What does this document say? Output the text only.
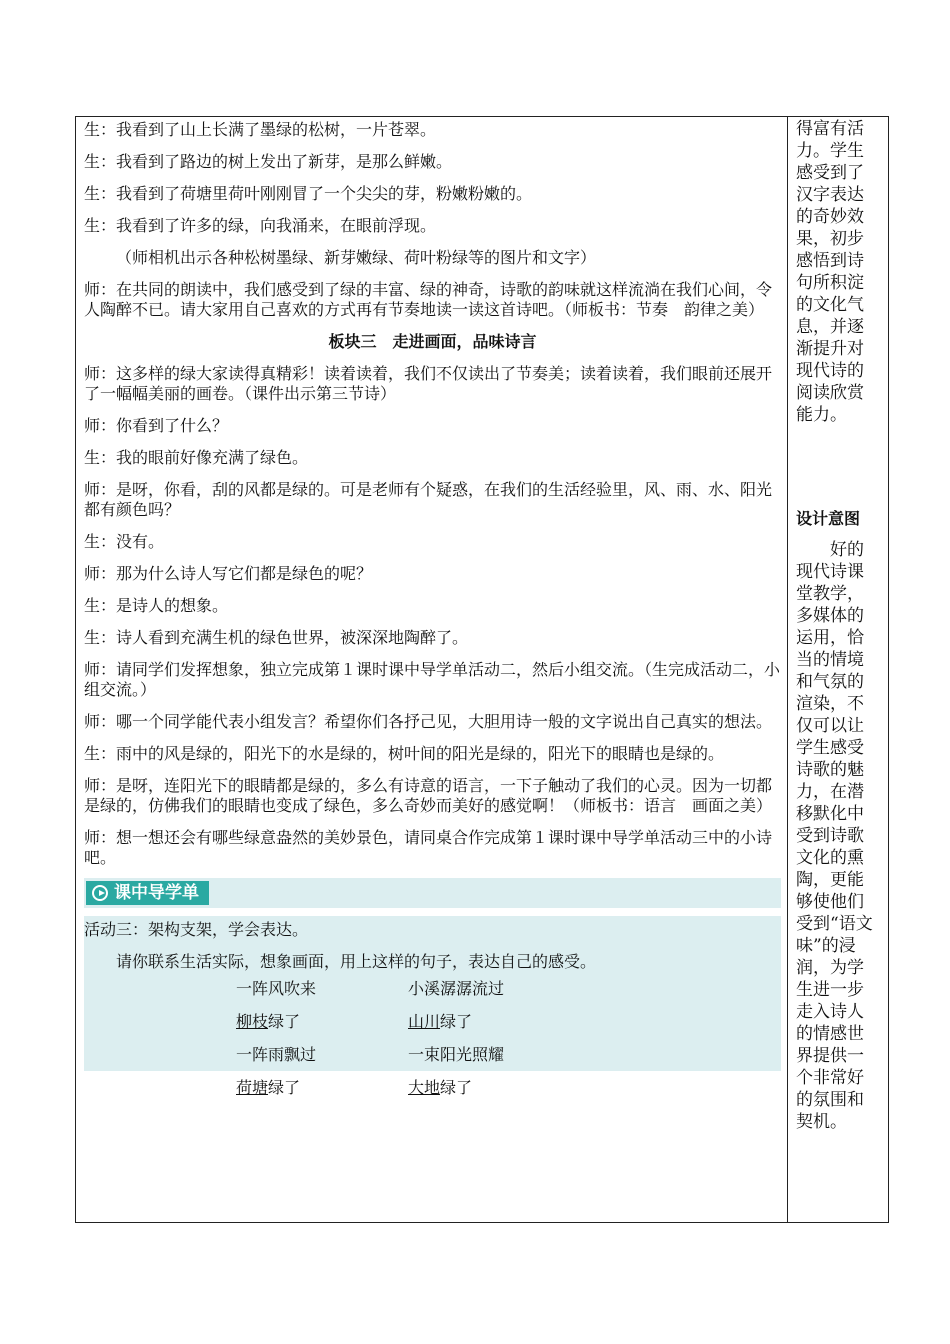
生：我看到了山上长满了墨绿的松树，一片苍翠。

生：我看到了路边的树上发出了新芽，是那么鲜嫩。

生：我看到了荷塘里荷叶刚刚冒了一个尖尖的芽，粉嫩粉嫩的。

生：我看到了许多的绿，向我涌来，在眼前浮现。

（师相机出示各种松树墨绿、新芽嫩绿、荷叶粉绿等的图片和文字）

师：在共同的朗读中，我们感受到了绿的丰富、绿的神奇，诗歌的韵味就这样流淌在我们心间，令人陶醉不已。请大家用自己喜欢的方式再有节奏地读一读这首诗吧。（师板书：节奏　韵律之美）

板块三　走进画面，品味诗言

师：这多样的绿大家读得真精彩！读着读着，我们不仅读出了节奏美；读着读着，我们眼前还展开了一幅幅美丽的画卷。（课件出示第三节诗）

师：你看到了什么？

生：我的眼前好像充满了绿色。

师：是呀，你看，刮的风都是绿的。可是老师有个疑惑，在我们的生活经验里，风、雨、水、阳光都有颜色吗？

生：没有。

师：那为什么诗人写它们都是绿色的呢？

生：是诗人的想象。

生：诗人看到充满生机的绿色世界，被深深地陶醉了。

师：请同学们发挥想象，独立完成第１课时课中导学单活动二，然后小组交流。（生完成活动二，小组交流。）

师：哪一个同学能代表小组发言？希望你们各抒己见，大胆用诗一般的文字说出自己真实的想法。

生：雨中的风是绿的，阳光下的水是绿的，树叶间的阳光是绿的，阳光下的眼睛也是绿的。

师：是呀，连阳光下的眼睛都是绿的，多么有诗意的语言，一下子触动了我们的心灵。因为一切都是绿的，仿佛我们的眼睛也变成了绿色，多么奇妙而美好的感觉啊！（师板书：语言　画面之美）

师：想一想还会有哪些绿意盎然的美妙景色，请同桌合作完成第１课时课中导学单活动三中的小诗吧。

课中导学单

活动三：架构支架，学会表达。

请你联系生活实际，想象画面，用上这样的句子，表达自己的感受。

一阵风吹来	小溪潺潺流过
柳枝绿了	山川绿了
一阵雨飘过	一束阳光照耀
荷塘绿了	大地绿了
得富有活力。学生感受到了汉字表达的奇妙效果，初步感悟到诗句所积淀的文化气息，并逐渐提升对现代诗的阅读欣赏能力。
设计意图
好的现代诗课堂教学，多媒体的运用，恰当的情境和气氛的渲染，不仅可以让学生感受诗歌的魅力，在潜移默化中受到诗歌文化的熏陶，更能够使他们受到“语文味”的浸润，为学生进一步走入诗人的情感世界提供一个非常好的氛围和契机。
